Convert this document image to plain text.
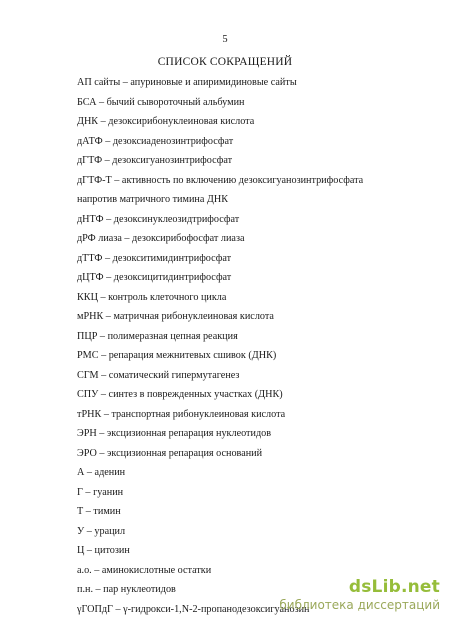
5
СПИСОК СОКРАЩЕНИЙ
АП сайты – апуриновые и апиримидиновые сайты
БСА – бычий сывороточный альбумин
ДНК – дезоксирибонуклеиновая кислота
дАТФ – дезоксиаденозинтрифосфат
дГТФ – дезоксигуанозинтрифосфат
дГТФ-Т – активность по включению дезоксигуанозинтрифосфата
напротив матричного тимина ДНК
дНТФ – дезоксинуклеозидтрифосфат
дРФ лиаза – дезоксирибофосфат лиаза
дТТФ – дезокситимидинтрифосфат
дЦТФ – дезоксицитидинтрифосфат
ККЦ – контроль клеточного цикла
мРНК – матричная рибонуклеиновая кислота
ПЦР – полимеразная цепная реакция
РМС – репарация межнитевых сшивок (ДНК)
СГМ – соматический гипермутагенез
СПУ – синтез в поврежденных участках (ДНК)
тРНК – транспортная рибонуклеиновая кислота
ЭРН – эксцизионная репарация нуклеотидов
ЭРО – эксцизионная репарация оснований
А – аденин
Г – гуанин
Т – тимин
У – урацил
Ц – цитозин
а.о. – аминокислотные остатки
п.н. – пар нуклеотидов
γГОПдГ – γ-гидрокси-1,N-2-пропанодезоксигуанозин
dsLib.net
библиотека диссертаций
